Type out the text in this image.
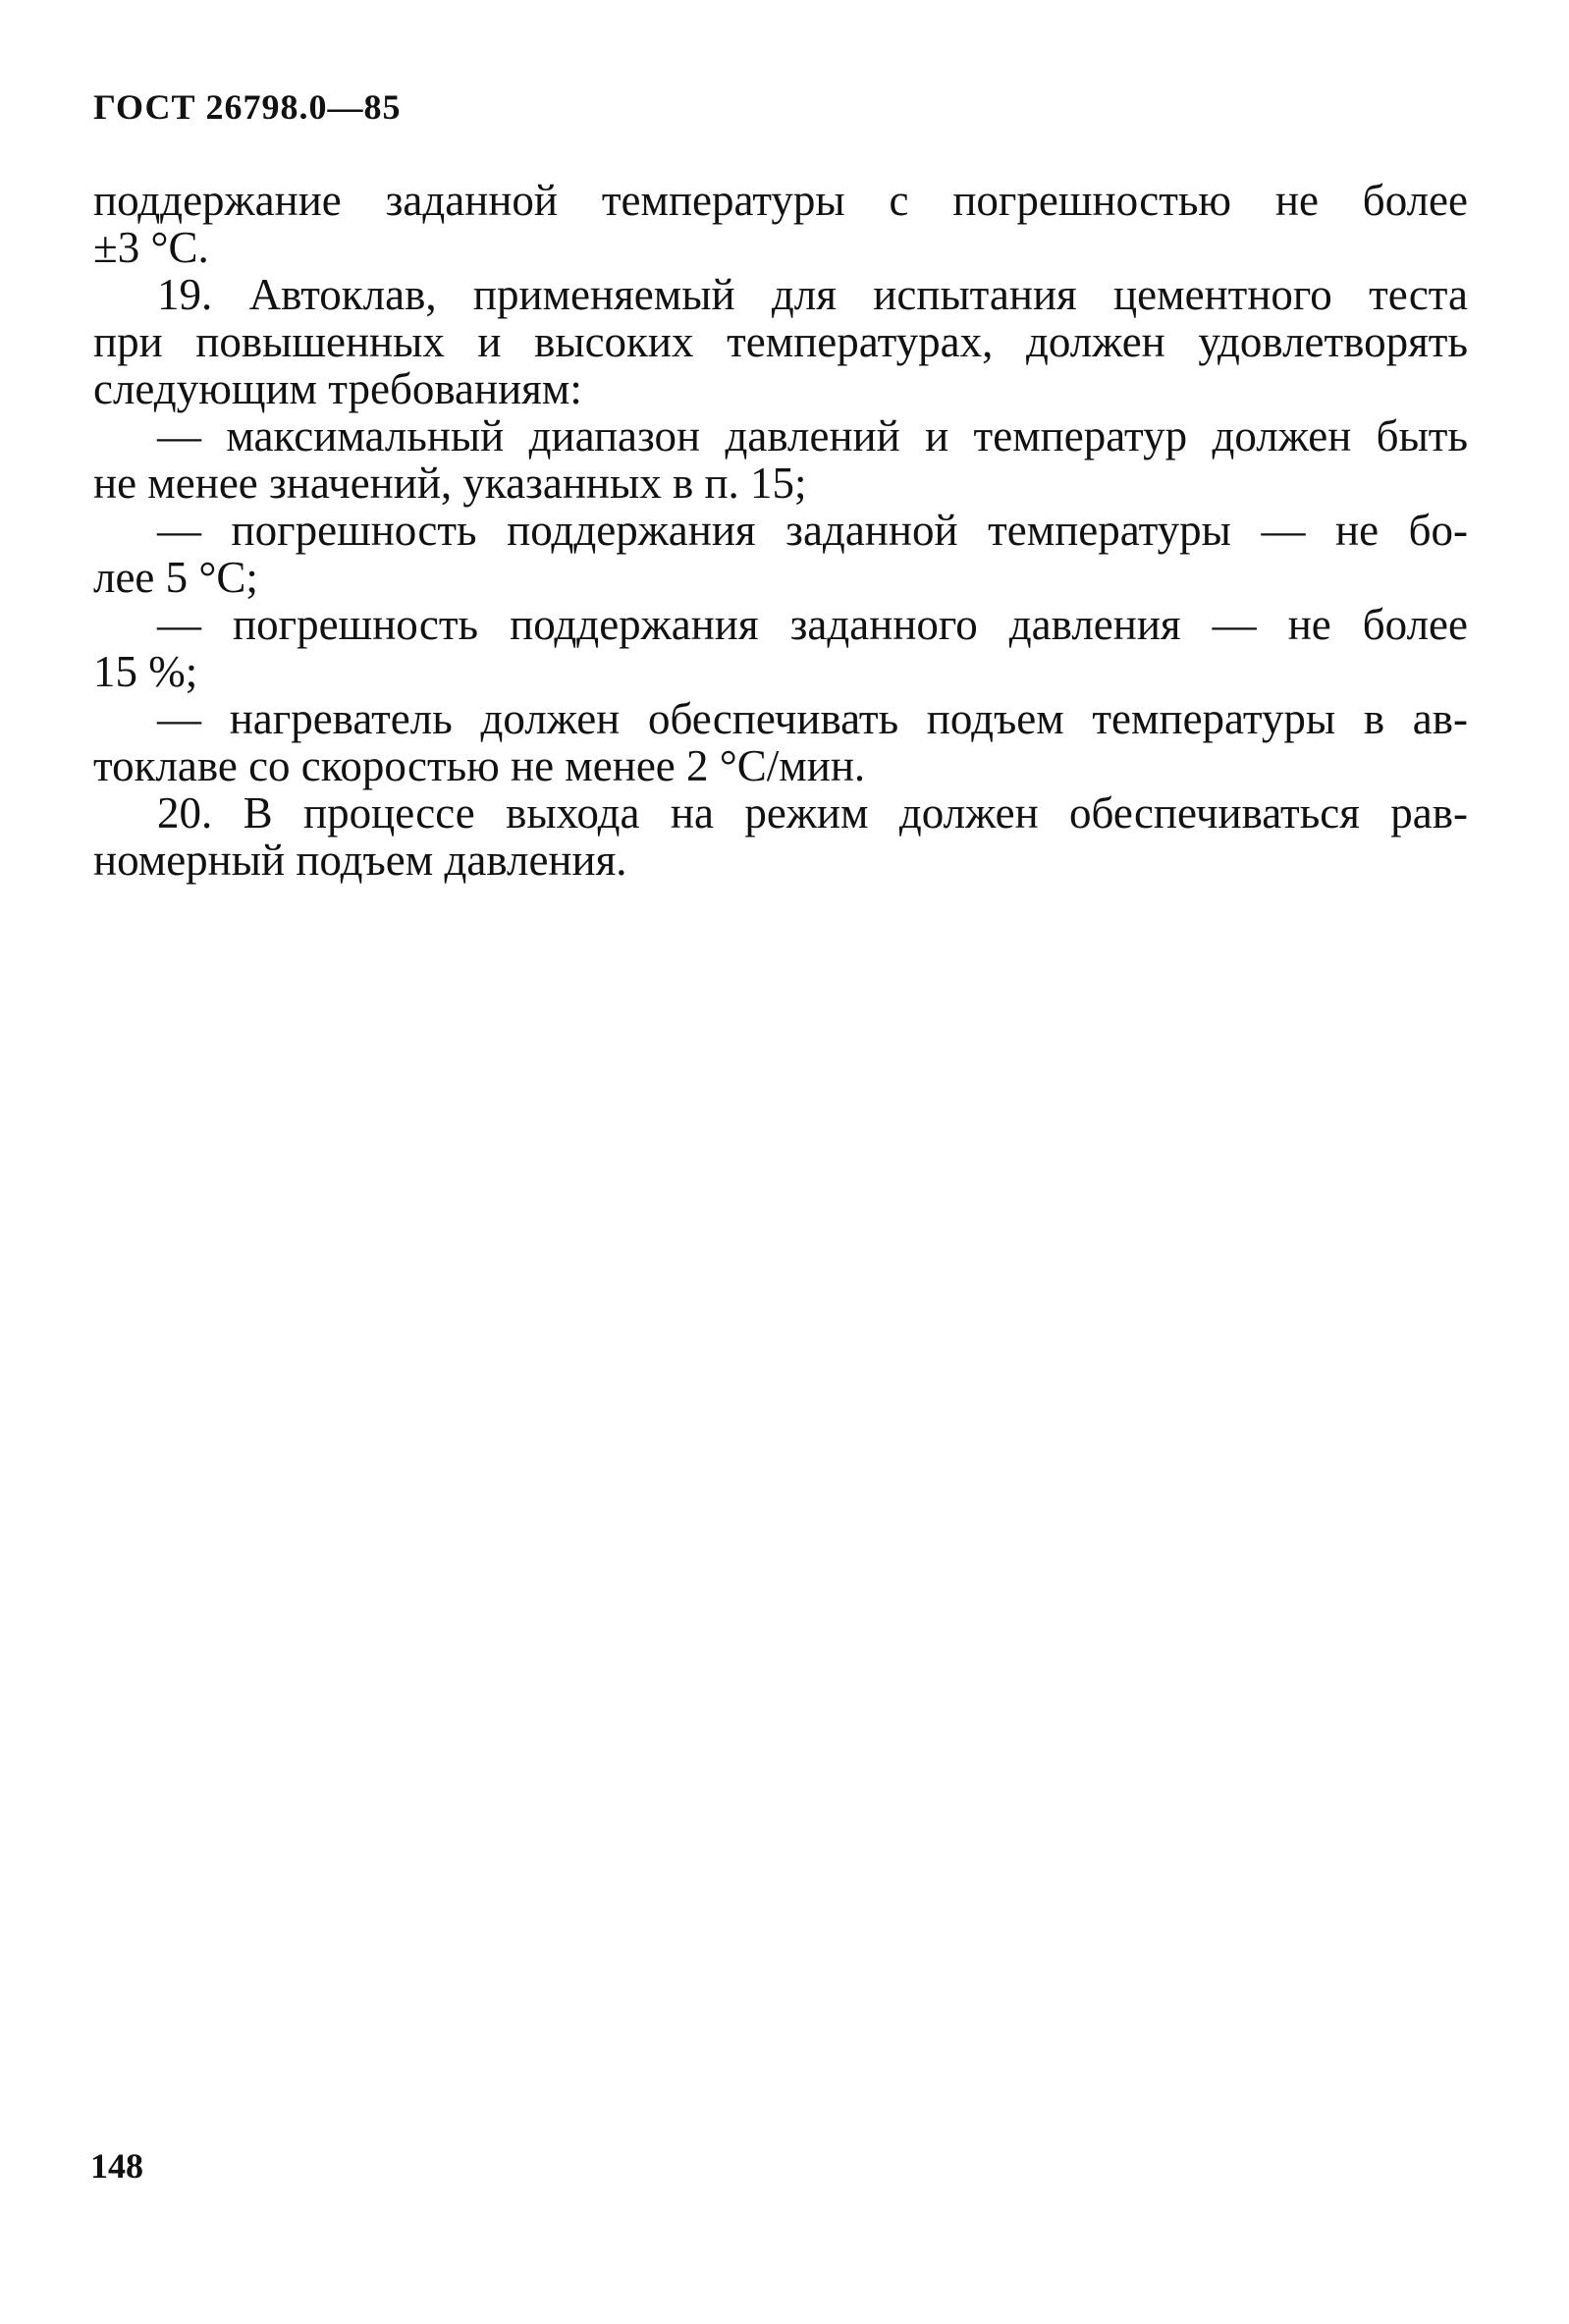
ГОСТ 26798.0—85
поддержание заданной температуры с погрешностью не более
±3 °С.
19. Автоклав, применяемый для испытания цементного теста
при повышенных и высоких температурах, должен удовлетворять
следующим требованиям:
— максимальный диапазон давлений и температур должен быть
не менее значений, указанных в п. 15;
— погрешность поддержания заданной температуры — не бо-
лее 5 °С;
— погрешность поддержания заданного давления — не более
15 %;
— нагреватель должен обеспечивать подъем температуры в ав-
токлаве со скоростью не менее 2 °С/мин.
20. В процессе выхода на режим должен обеспечиваться рав-
номерный подъем давления.
148
